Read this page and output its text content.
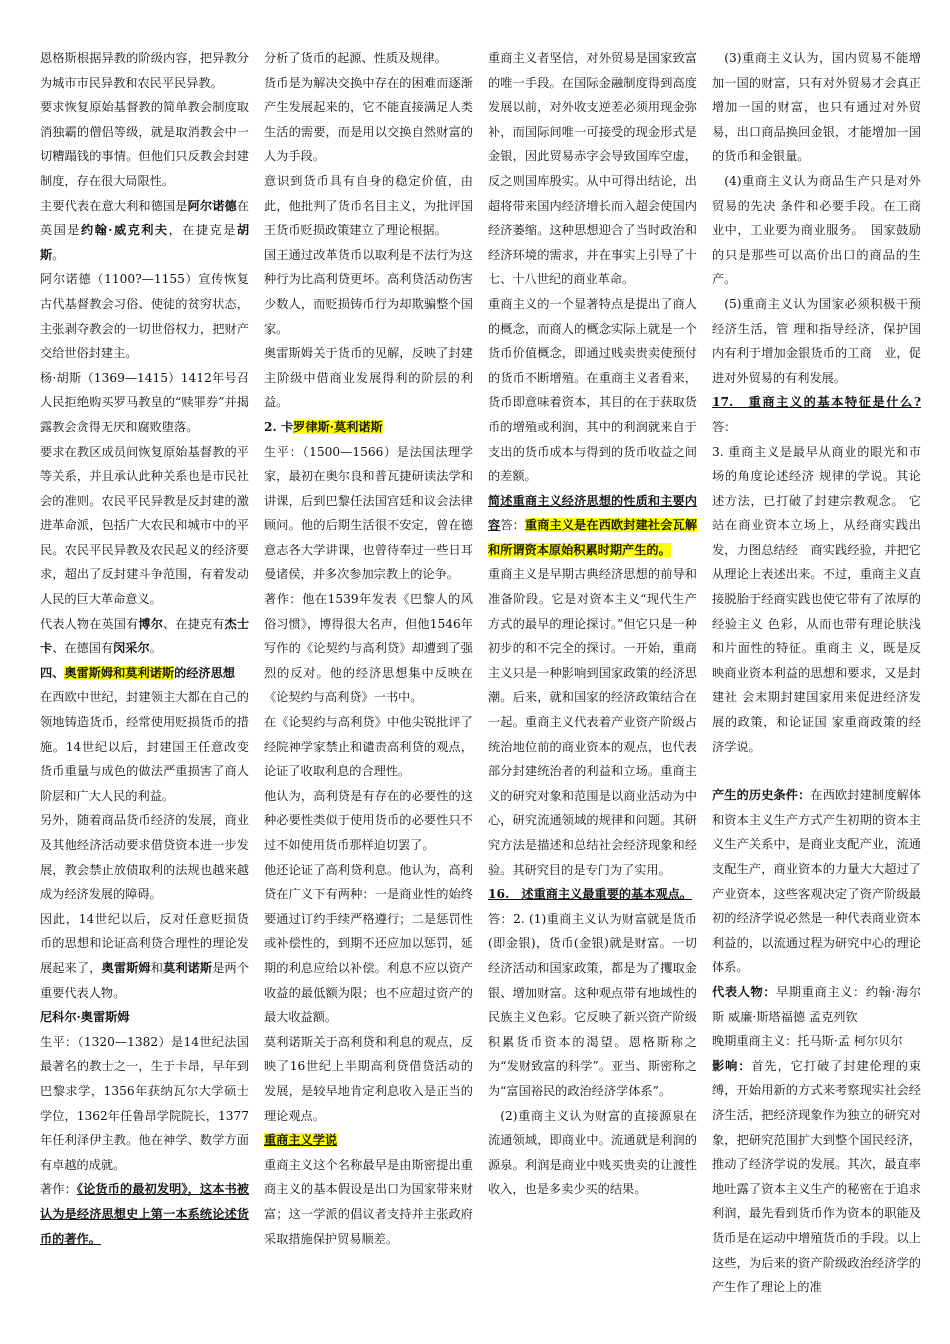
恩格斯根据异教的阶级内容，把异教分为城市市民异教和农民平民异教。

要求恢复原始基督教的简单教会制度取消独霸的僧侣等级，就是取消教会中一切糟蹋钱的事情。但他们只反教会封建制度，存在很大局限性。

主要代表在意大利和德国是阿尔诺德在英国是约翰·威克利夫，在捷克是胡斯。

阿尔诺德（1100?—1155）宣传恢复古代基督教会习俗、使徒的贫穷状态，主张剥夺教会的一切世俗权力，把财产交给世俗封建主。

杨·胡斯（1369—1415）1412年号召人民拒绝购买罗马教皇的“赎罪券”并揭露教会贪得无厌和腐败堕落。

要求在教区成员间恢复原始基督教的平等关系，并且承认此种关系也是市民社会的准则。农民平民异教是反封建的激进革命派，包括广大农民和城市中的平民。农民平民异教及农民起义的经济要求，超出了反封建斗争范围，有着发动人民的巨大革命意义。

代表人物在英国有博尔、在捷克有杰士卡、在德国有闵采尔。

四、奥雷斯姆和莫利诺斯的经济思想

在西欧中世纪，封建领主大都在自己的领地铸造货币，经常使用贬损货币的措施。14世纪以后，封建国王任意改变货币重量与成色的做法严重损害了商人阶层和广大人民的利益。

另外，随着商品货币经济的发展，商业及其他经济活动要求借贷资本进一步发展，教会禁止放债取利的法规也越来越成为经济发展的障碍。

因此，14世纪以后，反对任意贬损货币的思想和论证高利贷合理性的理论发展起来了，奥雷斯姆和莫利诺斯是两个重要代表人物。

尼科尔·奥雷斯姆

生平：（1320—1382）是14世纪法国最著名的教士之一，生于卡昂，早年到巴黎求学，1356年获纳瓦尔大学硕士学位，1362年任鲁昂学院院长，1377年任利泽伊主教。他在神学、数学方面有卓越的成就。

著作：《论货币的最初发明》，这本书被认为是经济思想史上第一本系统论述货币的著作。

分析了货币的起源、性质及规律。

货币是为解决交换中存在的困难而逐渐产生发展起来的，它不能直接满足人类生活的需要，而是用以交换自然财富的人为手段。

意识到货币具有自身的稳定价值，由此，他批判了货币名目主义，为批评国王货币贬损政策建立了理论根据。

国王通过改革货币以取利是不法行为这种行为比高利贷更坏。高利贷活动伤害少数人，而贬损铸币行为却欺骗整个国家。

奥雷斯姆关于货币的见解，反映了封建主阶级中借商业发展得利的阶层的利益。

2. 卡罗律斯·莫利诺斯

生平：（1500—1566）是法国法理学家，最初在奥尔良和普瓦捷研读法学和讲课，后到巴黎任法国宫廷和议会法律顾问。他的后期生活很不安定，曾在德意志各大学讲课，也曾待奉过一些日耳曼诸侯，并多次参加宗教上的论争。

著作：他在1539年发表《巴黎人的风俗习惯》，博得很大名声，但他1546年写作的《论契约与高利贷》却遭到了强烈的反对。他的经济思想集中反映在《论契约与高利贷》一书中。

在《论契约与高利贷》中他尖锐批评了经院神学家禁止和谴责高利贷的观点，论证了收取利息的合理性。

他认为，高利贷是有存在的必要性的这种必要性类似于使用货币的必要性只不过不如使用货币那样迫切罢了。

他还论证了高利贷利息。他认为，高利贷在广义下有两种：一是商业性的始终要通过订约手续严格遵行；二是惩罚性或补偿性的，到期不还应加以惩罚，延期的利息应给以补偿。利息不应以资产收益的最低额为限；也不应超过资产的最大收益额。

莫利诺斯关于高利贷和利息的观点，反映了16世纪上半期高利贷借贷活动的发展，是较早地肯定利息收入是正当的理论观点。

重商主义学说

重商主义这个名称最早是由斯密提出重商主义的基本假设是出口为国家带来财富；这一学派的倡议者支持并主张政府采取措施保护贸易顺差。

重商主义者坚信，对外贸易是国家致富的唯一手段。在国际金融制度得到高度发展以前，对外收支逆差必须用现金弥补，而国际间唯一可接受的现金形式是金银，因此贸易赤字会导致国库空虚，反之则国库殷实。从中可得出结论，出超将带来国内经济增长而入超会使国内经济萎缩。这种思想迎合了当时政治和经济环境的需求，并在事实上引导了十七、十八世纪的商业革命。

重商主义的一个显著特点是提出了商人的概念，而商人的概念实际上就是一个货币价值概念，即通过贱卖贵卖使预付的货币不断增殖。在重商主义者看来，货币即意味着资本，其目的在于获取货币的增殖或利润，其中的利润就来自于支出的货币成本与得到的货币收益之间的差额。

简述重商主义经济思想的性质和主要内容答：重商主义是在西欧封建社会瓦解和所谓资本原始积累时期产生的。

重商主义是早期古典经济思想的前导和准备阶段。它是对资本主义“现代生产方式的最早的理论探讨。”但它只是一种初步的和不完全的探讨。一开始，重商主义只是一种影响到国家政策的经济思潮。后来，就和国家的经济政策结合在一起。重商主义代表着产业资产阶级占统治地位前的商业资本的观点，也代表部分封建统治者的利益和立场。重商主义的研究对象和范围是以商业活动为中心，研究流通领域的规律和问题。其研究方法是描述和总结社会经济现象和经验。其研究目的是专门为了实用。

16.　述重商主义最重要的基本观点。

答：2. (1)重商主义认为财富就是货币(即金银)，货币(金银)就是财富。一切经济活动和国家政策，都是为了攫取金银、增加财富。这种观点带有地域性的民族主义色彩。它反映了新兴资产阶级积累货币资本的渴望。恩格斯称之为“发财致富的科学”。亚当、斯密称之为“富国裕民的政治经济学体系”。

(2)重商主义认为财富的直接源泉在流通领域，即商业中。流通就是利润的源泉。利润是商业中贱买贵卖的让渡性收入，也是多卖少买的结果。

(3)重商主义认为，国内贸易不能增加一国的财富，只有对外贸易才会真正增加一国的财富，也只有通过对外贸易，出口商品换回金银，才能增加一国的货币和金银量。

(4)重商主义认为商品生产只是对外贸易的先决 条件和必要手段。在工商业中，工业要为商业服务。　国家鼓励的只是那些可以高价出口的商品的生产。

(5)重商主义认为国家必须积极干预经济生活，管 理和指导经济，保护国内有利于增加金银货币的工商　业，促进对外贸易的有利发展。

17.　重商主义的基本特征是什么?答：

3. 重商主义是最早从商业的眼光和市场的角度论述经济 规律的学说。其论述方法，已打破了封建宗教观念。 它站在商业资本立场上，从经商实践出发，力图总结经　商实践经验，并把它从理论上表述出来。不过，重商主义直接脱胎于经商实践也使它带有了浓厚的经验主义 色彩，从而也带有理论肤浅和片面性的特征。重商主 义，既是反映商业资本利益的思想和要求，又是封建社 会末期封建国家用来促进经济发展的政策，和论证国 家重商政策的经济学说。

产生的历史条件：在西欧封建制度解体和资本主义生产方式产生初期的资本主义生产关系中，是商业支配产业，流通支配生产，商业资本的力量大大超过了产业资本，这些客观决定了资产阶级最初的经济学说必然是一种代表商业资本利益的，以流通过程为研究中心的理论体系。

代表人物：早期重商主义：约翰·海尔斯 威廉·斯塔福德 孟克列钦

晚期重商主义：托马斯·孟 柯尔贝尔

影响：首先，它打破了封建伦理的束缚，开始用新的方式来考察现实社会经济生活，把经济现象作为独立的研究对象，把研究范围扩大到整个国民经济，推动了经济学说的发展。其次，最直率地吐露了资本主义生产的秘密在于追求利润，最先看到货币作为资本的职能及货币是在运动中增殖货币的手段。以上这些，为后来的资产阶级政治经济学的产生作了理论上的准
